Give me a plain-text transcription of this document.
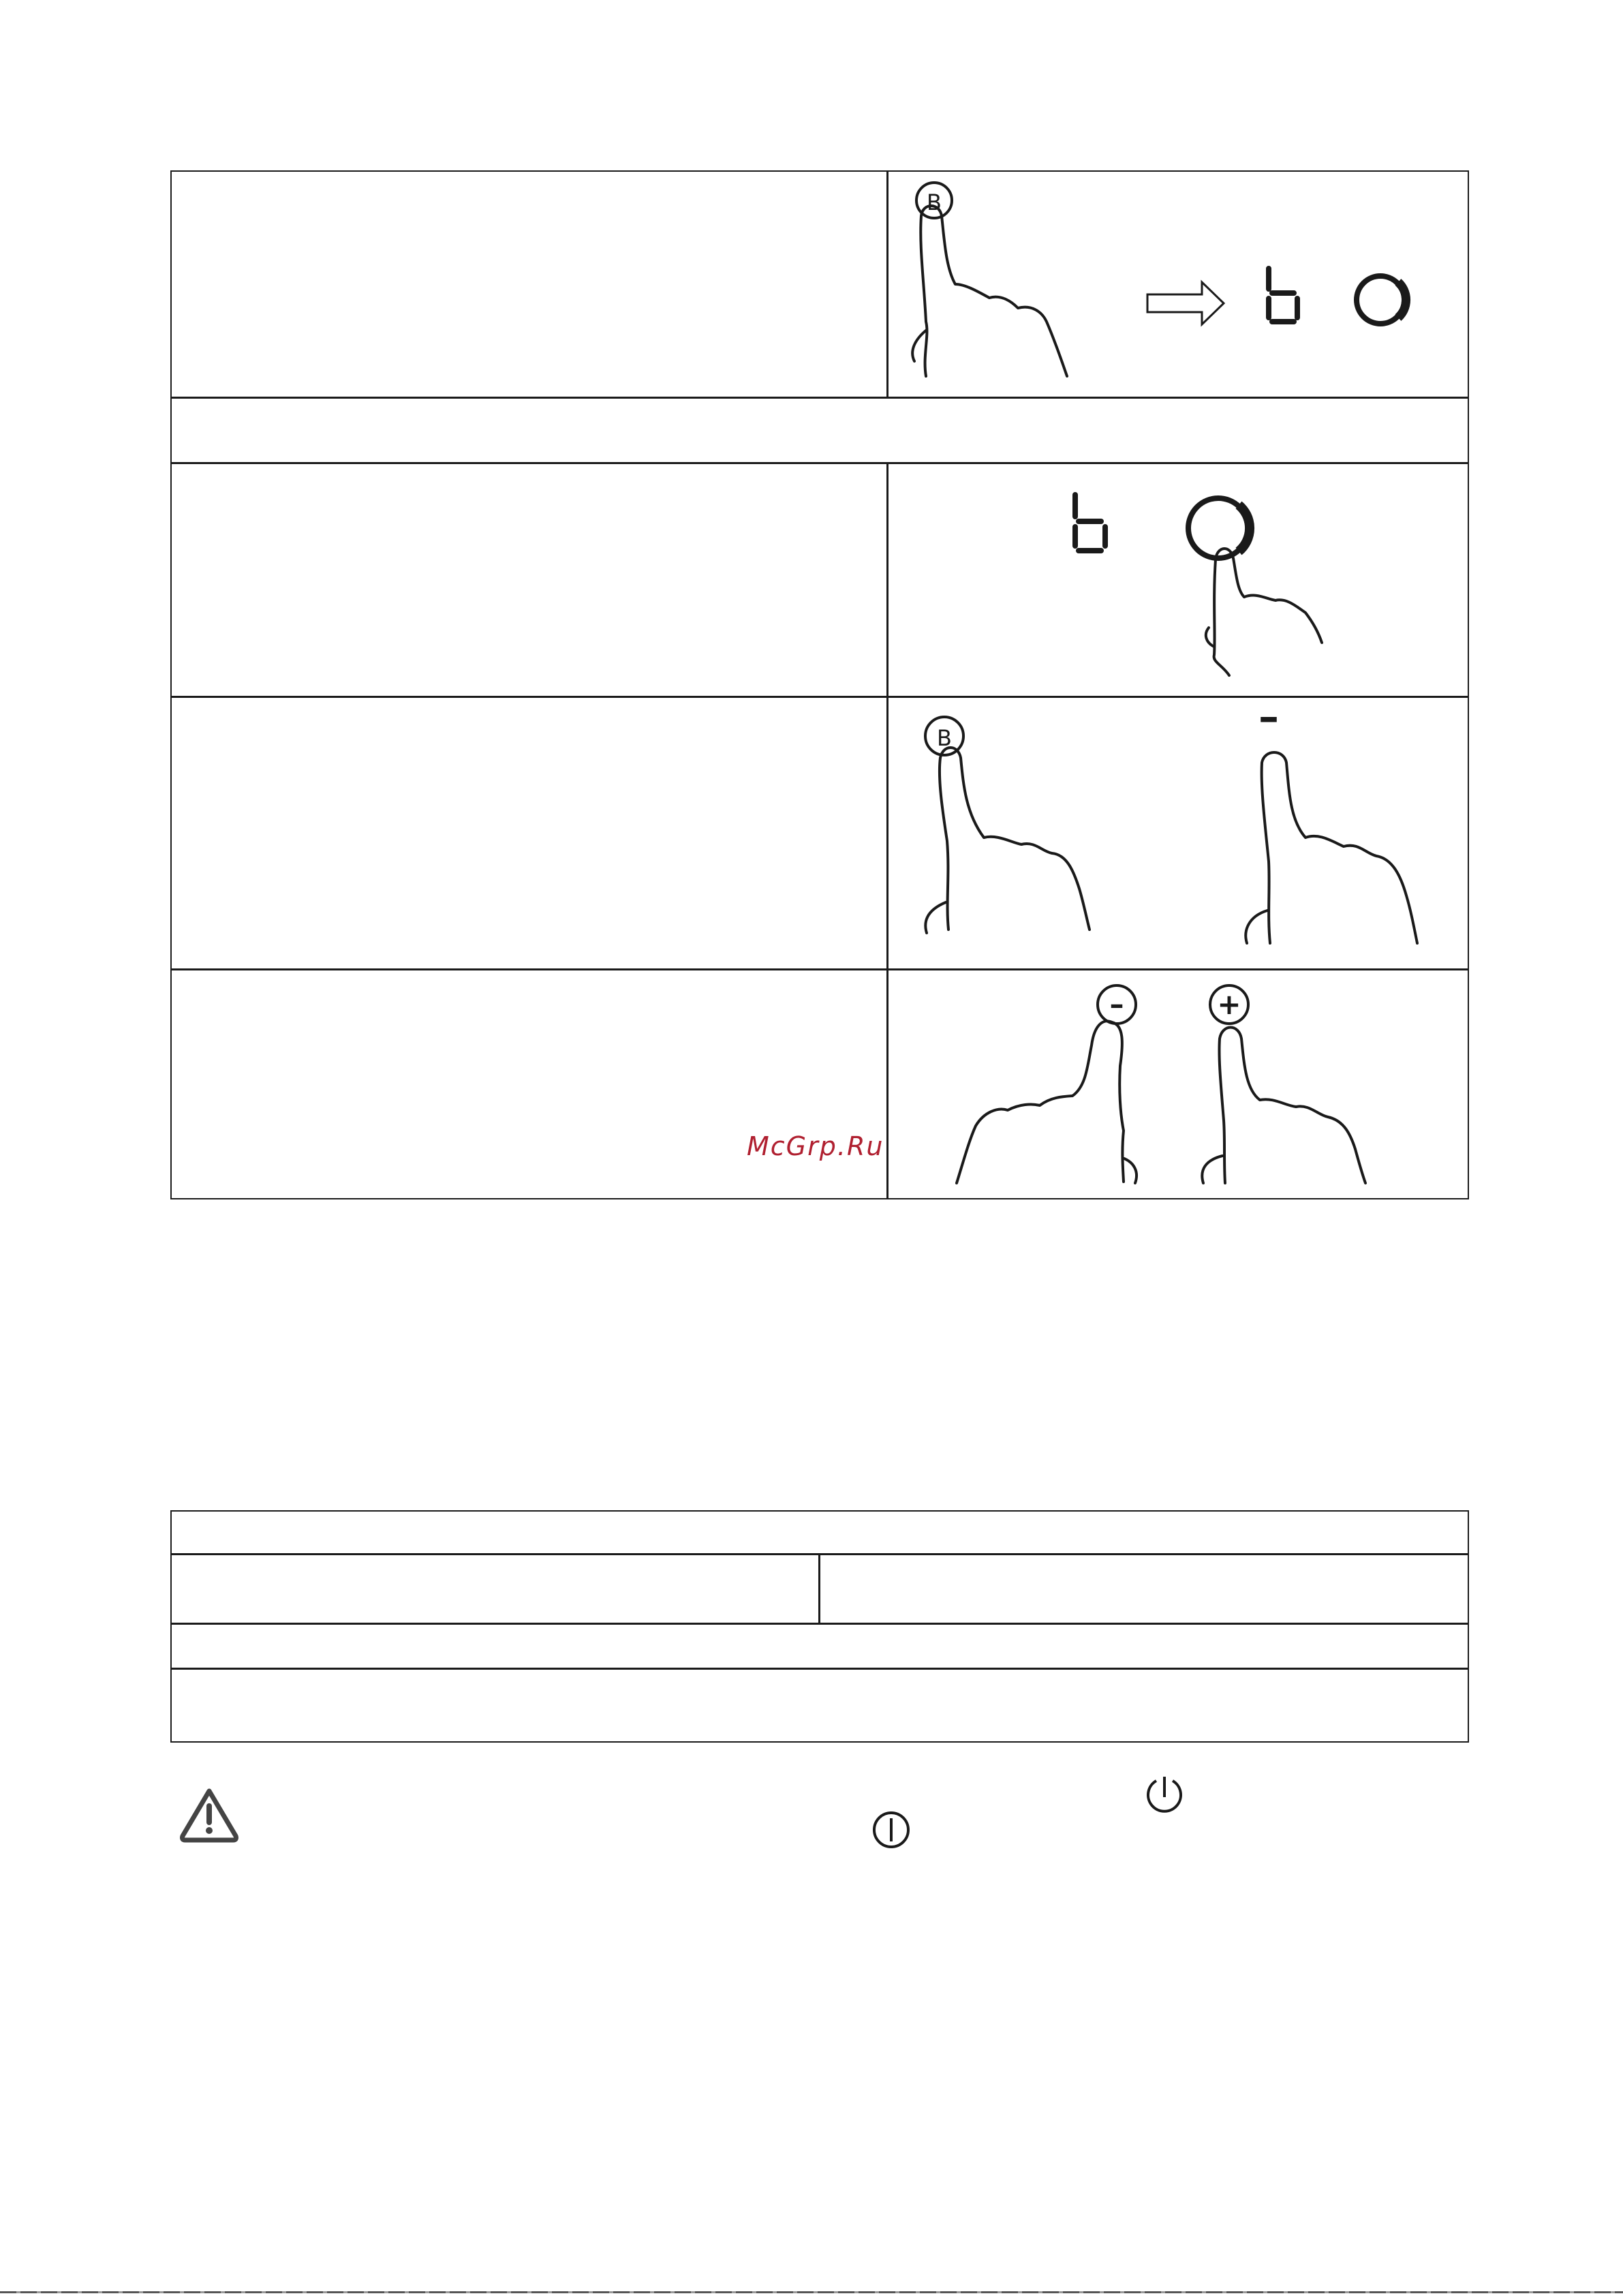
B
B	–
–	+
McGrp.Ru
